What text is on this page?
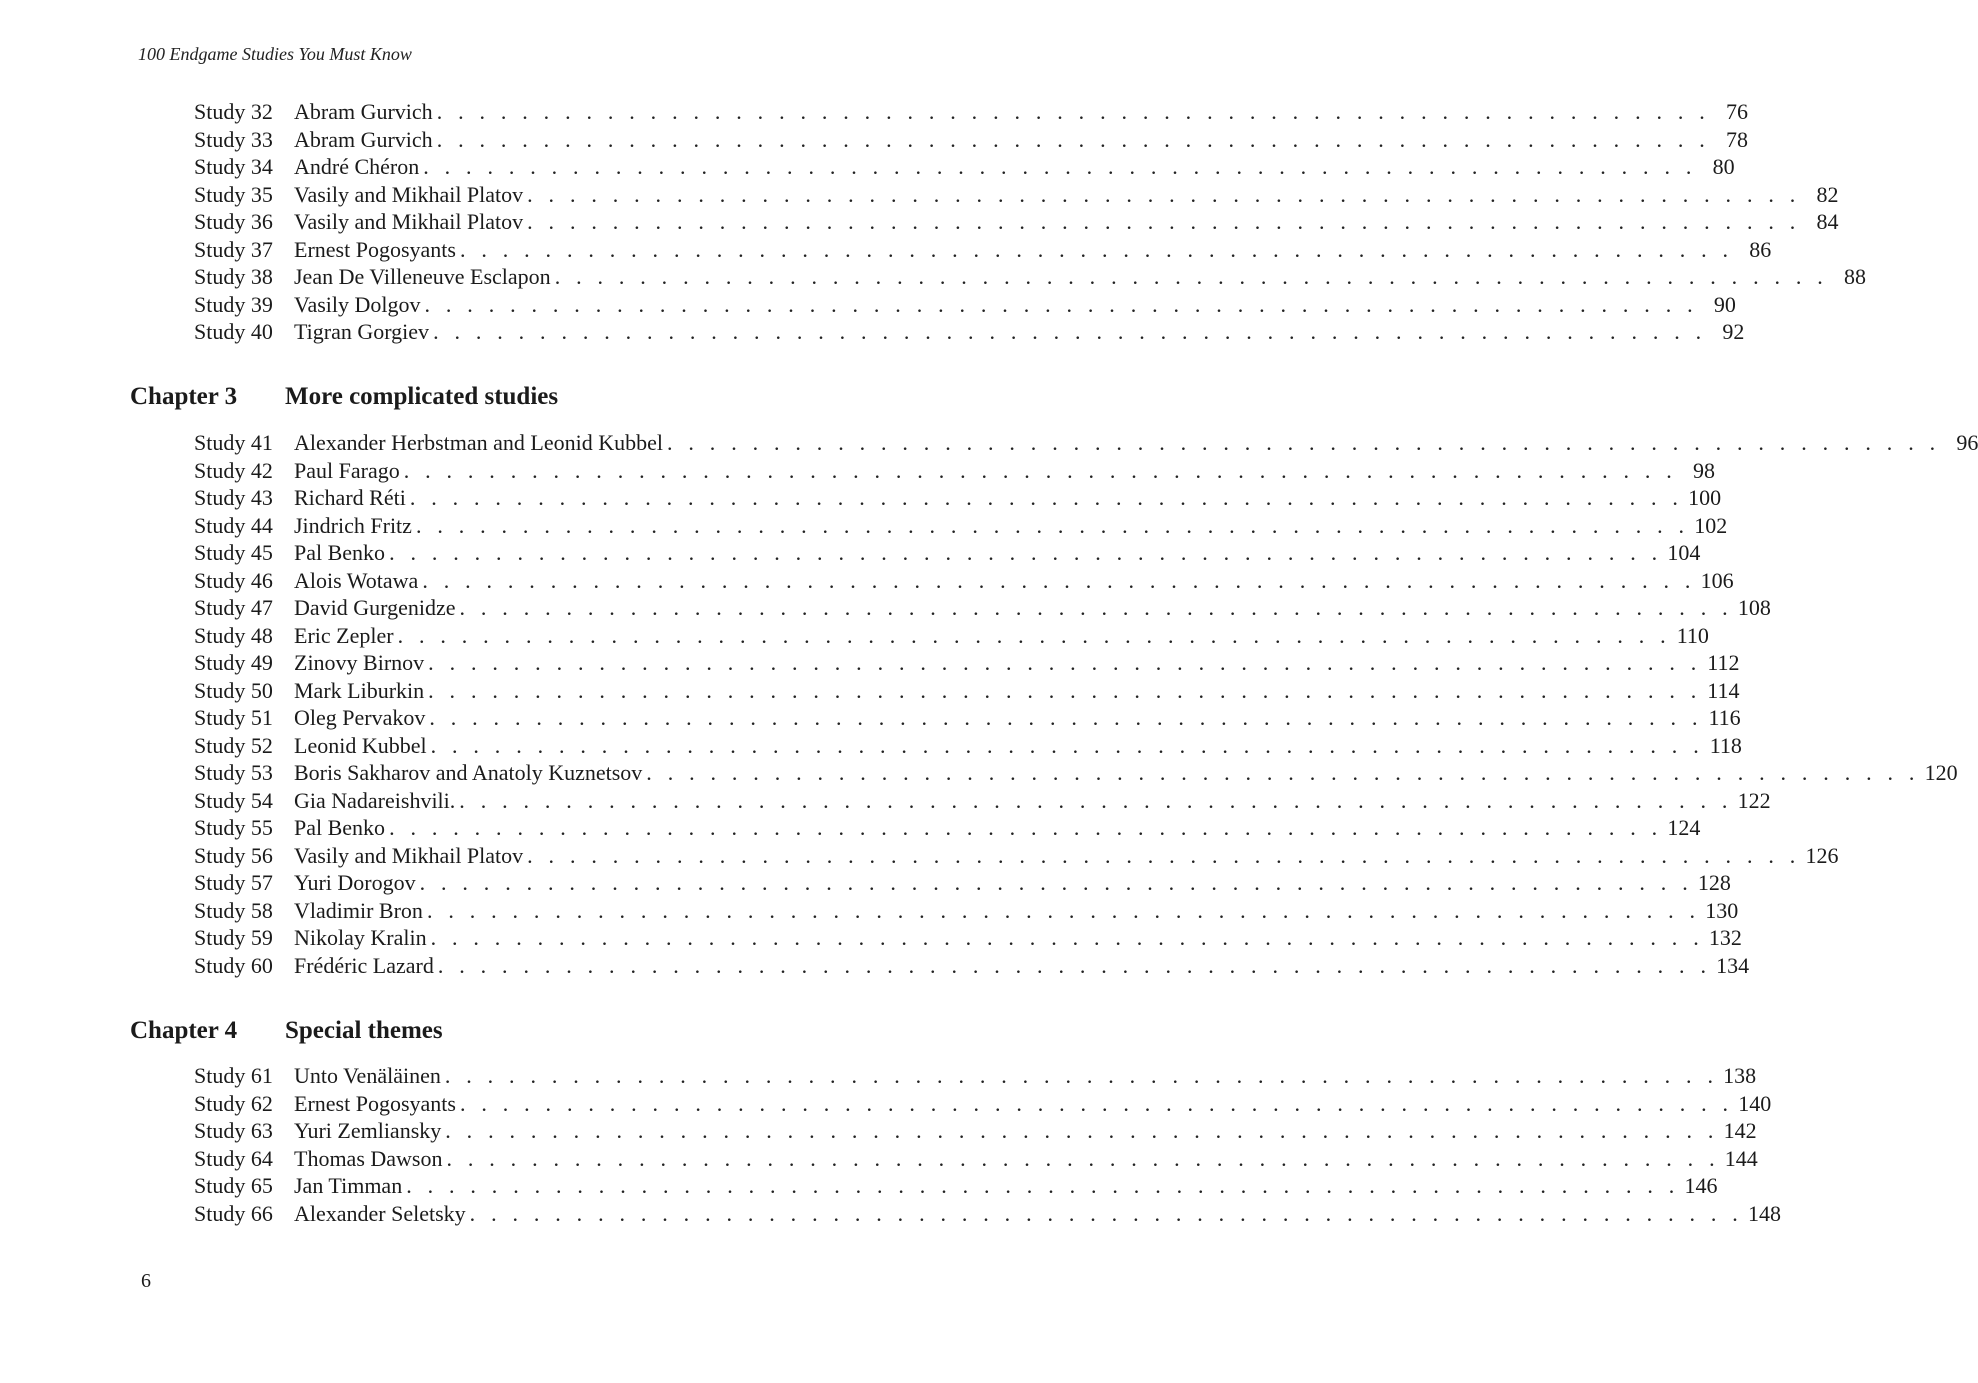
100 Endgame Studies You Must Know
Study 32 Abram Gurvich . . . . . . . . . . . . . . . . . . . . . . . . . . . . . . . . . . . . . . . . . . . . . . . . . . . . . . . . . . . . 76
Study 33 Abram Gurvich . . . . . . . . . . . . . . . . . . . . . . . . . . . . . . . . . . . . . . . . . . . . . . . . . . . . . . . . . . . . 78
Study 34 André Chéron . . . . . . . . . . . . . . . . . . . . . . . . . . . . . . . . . . . . . . . . . . . . . . . . . . . . . . . . . . . . 80
Study 35 Vasily and Mikhail Platov . . . . . . . . . . . . . . . . . . . . . . . . . . . . . . . . . . . . . . . . . . . . . . . . . . . . . . . . . . . . 82
Study 36 Vasily and Mikhail Platov . . . . . . . . . . . . . . . . . . . . . . . . . . . . . . . . . . . . . . . . . . . . . . . . . . . . . . . . . . . . 84
Study 37 Ernest Pogosyants . . . . . . . . . . . . . . . . . . . . . . . . . . . . . . . . . . . . . . . . . . . . . . . . . . . . . . . . . . . . 86
Study 38 Jean De Villeneuve Esclapon . . . . . . . . . . . . . . . . . . . . . . . . . . . . . . . . . . . . . . . . . . . . . . . . . . . . . . . . . . . . 88
Study 39 Vasily Dolgov . . . . . . . . . . . . . . . . . . . . . . . . . . . . . . . . . . . . . . . . . . . . . . . . . . . . . . . . . . . . 90
Study 40 Tigran Gorgiev . . . . . . . . . . . . . . . . . . . . . . . . . . . . . . . . . . . . . . . . . . . . . . . . . . . . . . . . . . . . 92
Chapter 3 More complicated studies
Study 41 Alexander Herbstman and Leonid Kubbel . . . . . . . . . . . . . . . . . . . . . . . . . . . . . . . . . . . . . . . . . . . . . . . . . . . . . . . . . . . . 96
Study 42 Paul Farago . . . . . . . . . . . . . . . . . . . . . . . . . . . . . . . . . . . . . . . . . . . . . . . . . . . . . . . . . . . . 98
Study 43 Richard Réti . . . . . . . . . . . . . . . . . . . . . . . . . . . . . . . . . . . . . . . . . . . . . . . . . . . . . . . . . . . . 100
Study 44 Jindrich Fritz . . . . . . . . . . . . . . . . . . . . . . . . . . . . . . . . . . . . . . . . . . . . . . . . . . . . . . . . . . . . 102
Study 45 Pal Benko . . . . . . . . . . . . . . . . . . . . . . . . . . . . . . . . . . . . . . . . . . . . . . . . . . . . . . . . . . . . 104
Study 46 Alois Wotawa . . . . . . . . . . . . . . . . . . . . . . . . . . . . . . . . . . . . . . . . . . . . . . . . . . . . . . . . . . . . 106
Study 47 David Gurgenidze . . . . . . . . . . . . . . . . . . . . . . . . . . . . . . . . . . . . . . . . . . . . . . . . . . . . . . . . . . . . 108
Study 48 Eric Zepler . . . . . . . . . . . . . . . . . . . . . . . . . . . . . . . . . . . . . . . . . . . . . . . . . . . . . . . . . . . . 110
Study 49 Zinovy Birnov . . . . . . . . . . . . . . . . . . . . . . . . . . . . . . . . . . . . . . . . . . . . . . . . . . . . . . . . . . . . 112
Study 50 Mark Liburkin . . . . . . . . . . . . . . . . . . . . . . . . . . . . . . . . . . . . . . . . . . . . . . . . . . . . . . . . . . . . 114
Study 51 Oleg Pervakov . . . . . . . . . . . . . . . . . . . . . . . . . . . . . . . . . . . . . . . . . . . . . . . . . . . . . . . . . . . . 116
Study 52 Leonid Kubbel . . . . . . . . . . . . . . . . . . . . . . . . . . . . . . . . . . . . . . . . . . . . . . . . . . . . . . . . . . . . 118
Study 53 Boris Sakharov and Anatoly Kuznetsov . . . . . . . . . . . . . . . . . . . . . . . . . . . . . . . . . . . . . . . . . . . . . . . . . . . . . . . . . . . . 120
Study 54 Gia Nadareishvili. . . . . . . . . . . . . . . . . . . . . . . . . . . . . . . . . . . . . . . . . . . . . . . . . . . . . . . . . . . . . 122
Study 55 Pal Benko . . . . . . . . . . . . . . . . . . . . . . . . . . . . . . . . . . . . . . . . . . . . . . . . . . . . . . . . . . . . 124
Study 56 Vasily and Mikhail Platov . . . . . . . . . . . . . . . . . . . . . . . . . . . . . . . . . . . . . . . . . . . . . . . . . . . . . . . . . . . . 126
Study 57 Yuri Dorogov . . . . . . . . . . . . . . . . . . . . . . . . . . . . . . . . . . . . . . . . . . . . . . . . . . . . . . . . . . . . 128
Study 58 Vladimir Bron . . . . . . . . . . . . . . . . . . . . . . . . . . . . . . . . . . . . . . . . . . . . . . . . . . . . . . . . . . . . 130
Study 59 Nikolay Kralin . . . . . . . . . . . . . . . . . . . . . . . . . . . . . . . . . . . . . . . . . . . . . . . . . . . . . . . . . . . . 132
Study 60 Frédéric Lazard . . . . . . . . . . . . . . . . . . . . . . . . . . . . . . . . . . . . . . . . . . . . . . . . . . . . . . . . . . . . 134
Chapter 4 Special themes
Study 61 Unto Venäläinen . . . . . . . . . . . . . . . . . . . . . . . . . . . . . . . . . . . . . . . . . . . . . . . . . . . . . . . . . . . . 138
Study 62 Ernest Pogosyants . . . . . . . . . . . . . . . . . . . . . . . . . . . . . . . . . . . . . . . . . . . . . . . . . . . . . . . . . . . . 140
Study 63 Yuri Zemliansky . . . . . . . . . . . . . . . . . . . . . . . . . . . . . . . . . . . . . . . . . . . . . . . . . . . . . . . . . . . . 142
Study 64 Thomas Dawson . . . . . . . . . . . . . . . . . . . . . . . . . . . . . . . . . . . . . . . . . . . . . . . . . . . . . . . . . . . . 144
Study 65 Jan Timman . . . . . . . . . . . . . . . . . . . . . . . . . . . . . . . . . . . . . . . . . . . . . . . . . . . . . . . . . . . . 146
Study 66 Alexander Seletsky . . . . . . . . . . . . . . . . . . . . . . . . . . . . . . . . . . . . . . . . . . . . . . . . . . . . . . . . . . . . 148
6
